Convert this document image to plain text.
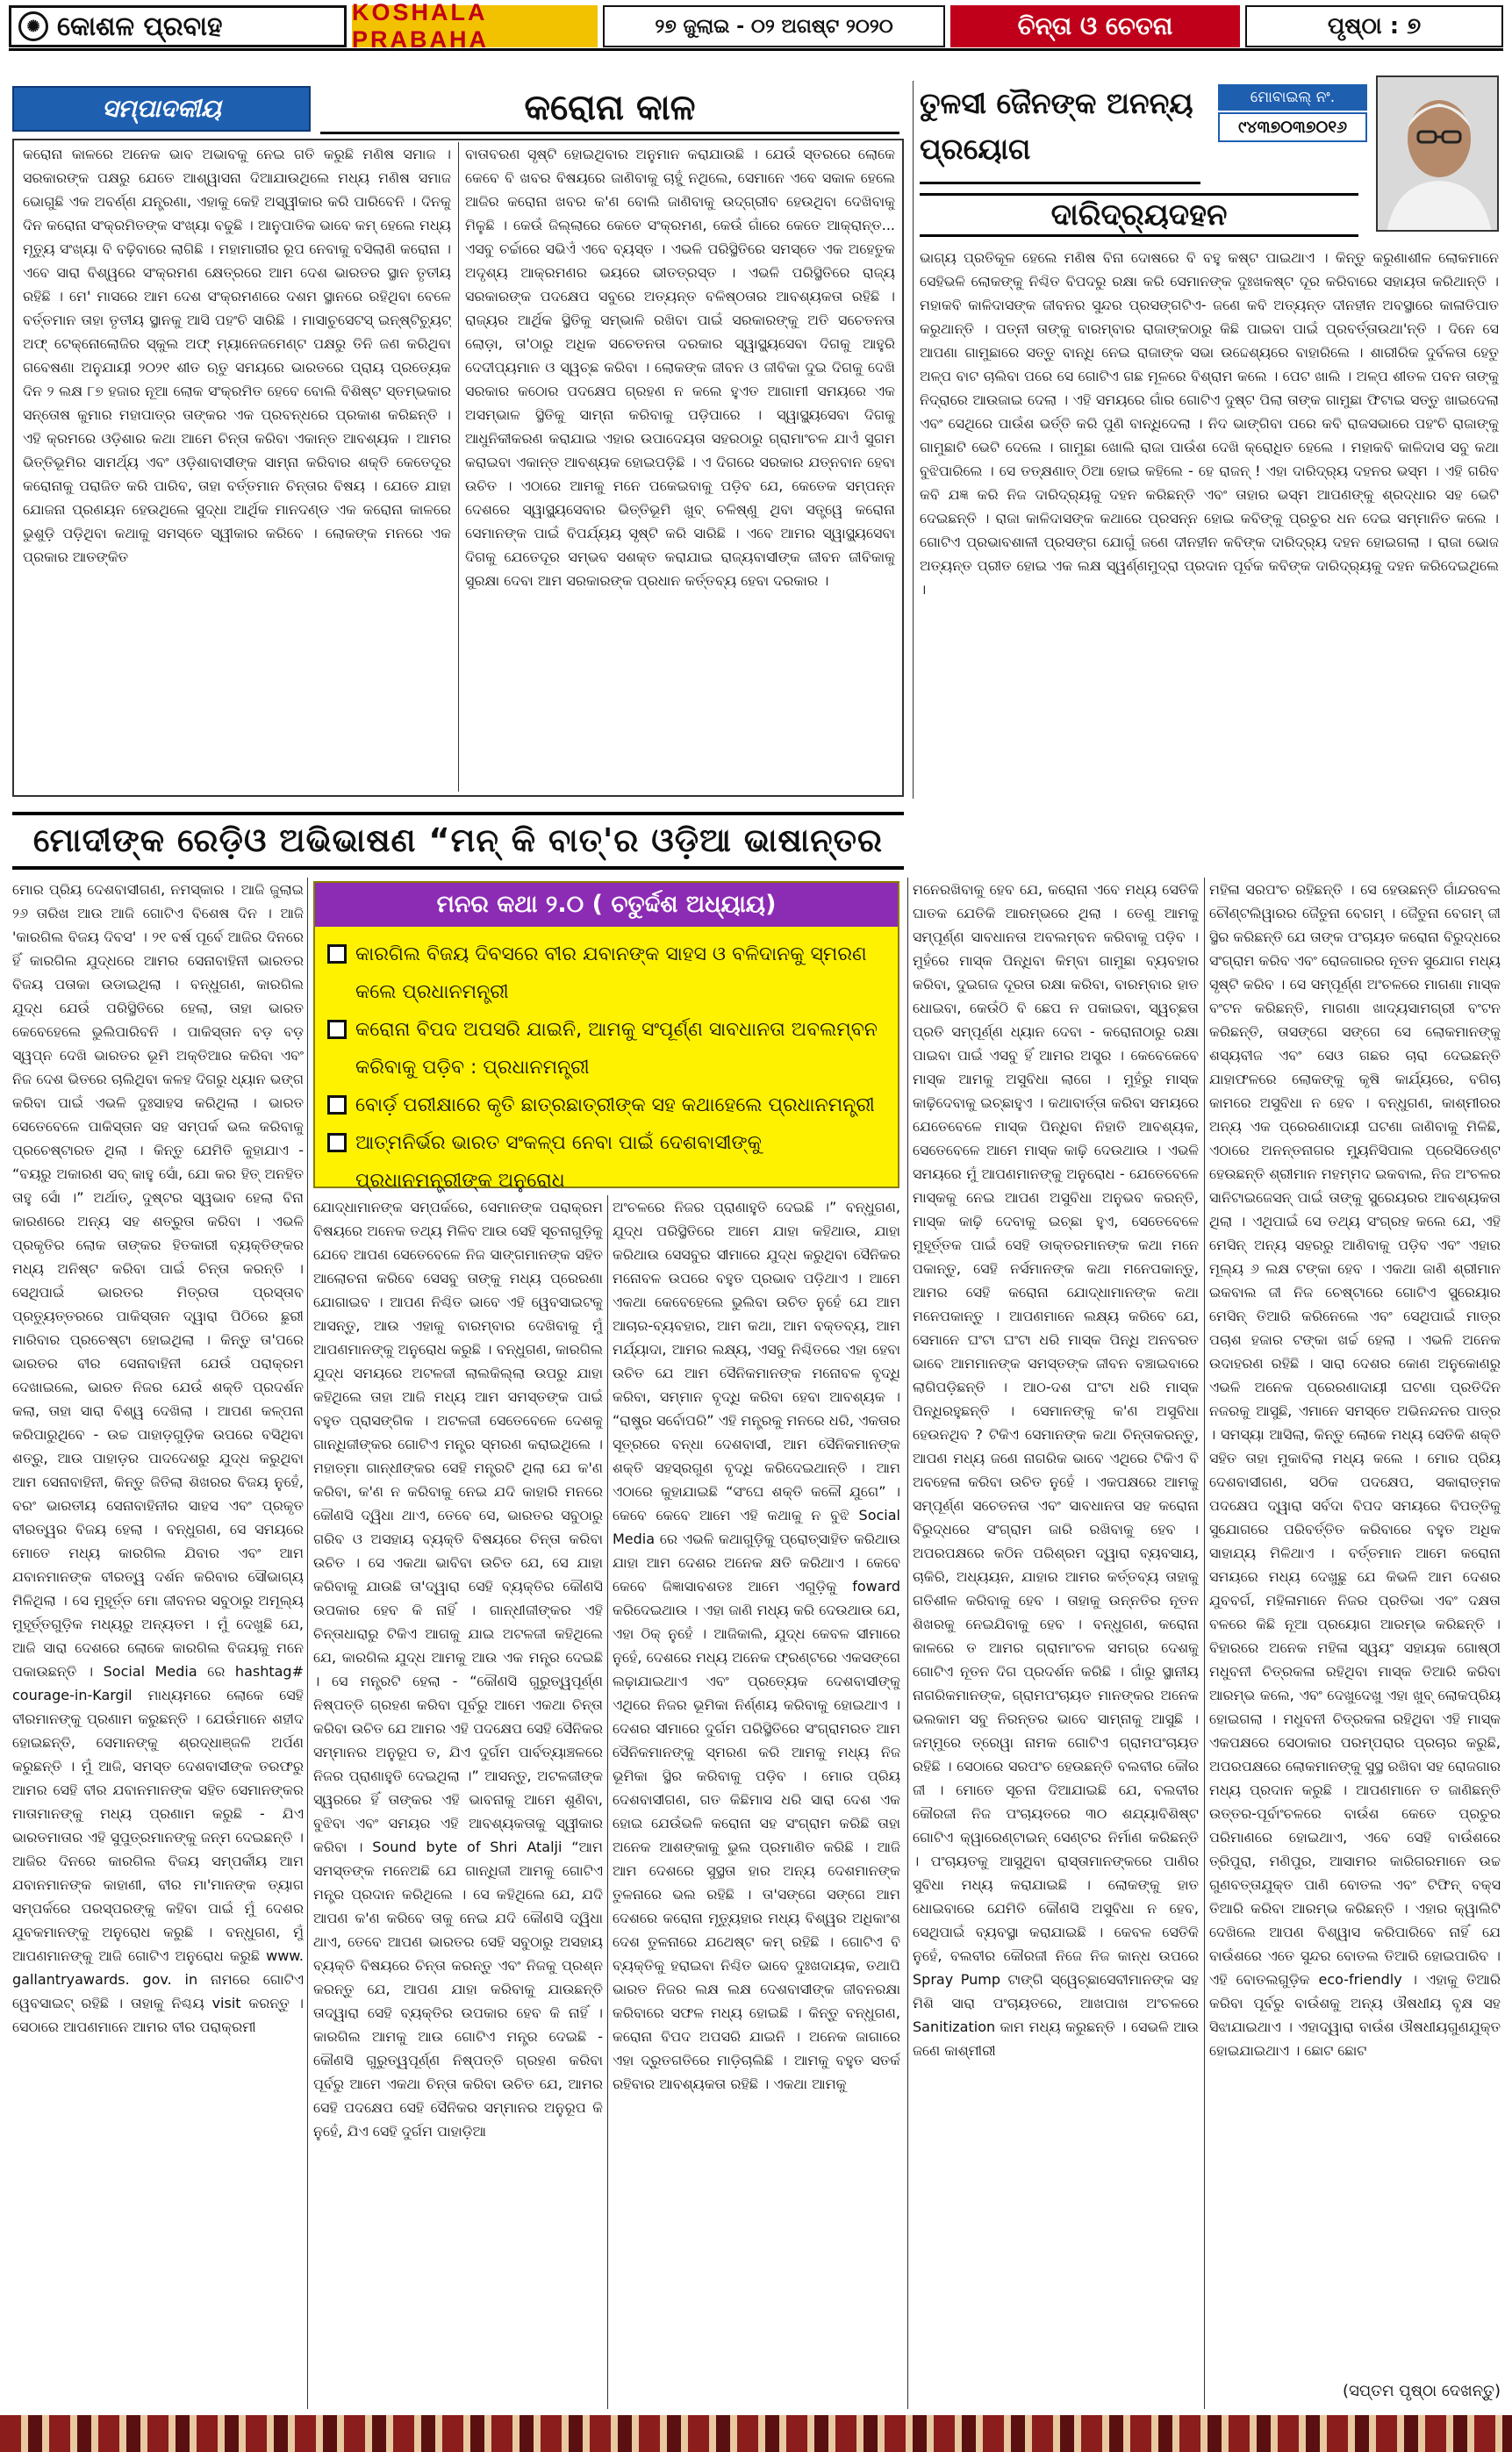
✺ କୋଶଳ ପ୍ରବାହ	KOSHALA PRABAHA	୨୭ ଜୁଲାଇ - ୦୨ ଅଗଷ୍ଟ ୨୦୨୦	ଚିନ୍ତା ଓ ଚେତନା	ପୃଷ୍ଠା : ୭
ସମ୍ପାଦକୀୟ	କରୋନା କାଳ
କରୋନା କାଳରେ ଅନେକ ଭାବ ଅଭାବକୁ ନେଇ ଗତି କରୁଛି ମଣିଷ ସମାଜ । ସରକାରଙ୍କ ପକ୍ଷରୁ ଯେତେ ଆଶ୍ୱାସନା ଦିଆଯାଉଥିଲେ ମଧ୍ୟ ମଣିଷ ସମାଜ ଭୋଗୁଛି ଏକ ଅବର୍ଣ୍ଣ ଯନ୍ତ୍ରଣା, ଏହାକୁ କେହି ଅସ୍ୱୀକାର କରି ପାରିବେନି । ଦିନକୁ ଦିନ କରୋନା ସଂକ୍ରମିତଙ୍କ ସଂଖ୍ୟା ବଢୁଛି । ଆନୁପାତିକ ଭାବେ କମ୍ ହେଲେ ମଧ୍ୟ ମୃତ୍ୟୁ ସଂଖ୍ୟା ବି ବଢ଼ିବାରେ ଲାଗିଛି । ମହାମାରୀର ରୂପ ନେବାକୁ ବସିଲାଣି କରୋନା । ଏବେ ସାରା ବିଶ୍ୱରେ ସଂକ୍ରମଣ କ୍ଷେତ୍ରରେ ଆମ ଦେଶ ଭାରତର ସ୍ଥାନ ତୃତୀୟ ରହିଛି । ମେ' ମାସରେ ଆମ ଦେଶ ସଂକ୍ରମଣରେ ଦଶମ ସ୍ଥାନରେ ରହିଥିବା ବେଳେ ବର୍ତ୍ତମାନ ତାହା ତୃତୀୟ ସ୍ଥାନକୁ ଆସି ପହଂଚି ସାରିଛି । ମାସାଚୁସେଟସ୍ ଇନ୍‌ଷ୍ଟିଚ୍ୟୁଟ୍ ଅଫ୍ ଟେକ୍ନୋଲୋଜିର ସ୍କୁଲ ଅଫ୍ ମ୍ୟାନେଜମେଣ୍ଟ ପକ୍ଷରୁ ତିନି ଜଣ କରିଥିବା ଗବେଷଣା ଅନୁଯାୟୀ ୨୦୨୧ ଶୀତ ଋତୁ ସମୟରେ ଭାରତରେ ପ୍ରାୟ ପ୍ରତ୍ୟେକ ଦିନ ୨ ଲକ୍ଷ ୮୭ ହଜାର ନୂଆ ଲୋକ ସଂକ୍ରମିତ ହେବେ ବୋଲି ବିଶିଷ୍ଟ ସ୍ତମ୍ଭକାର ସନ୍ତୋଷ କୁମାର ମହାପାତ୍ର ତାଙ୍କର ଏକ ପ୍ରବନ୍ଧରେ ପ୍ରକାଶ କରିଛନ୍ତି । ଏହି କ୍ରମରେ ଓଡ଼ିଶାର କଥା ଆମେ ଚିନ୍ତା କରିବା ଏକାନ୍ତ ଆବଶ୍ୟକ । ଆମର ଭିତ୍ତିଭୂମିର ସାମର୍ଥ୍ୟ ଏବଂ ଓଡ଼ିଶାବାସୀଙ୍କ ସାମ୍ନା କରିବାର ଶକ୍ତି କେତେଦୂର କରୋନାକୁ ପରାଜିତ କରି ପାରିବ, ତାହା ବର୍ତ୍ତମାନ ଚିନ୍ତାର ବିଷୟ । ଯେତେ ଯାହା ଯୋଜନା ପ୍ରଣୟନ ହେଉଥିଲେ ସୁଦ୍ଧା ଆର୍ଥିକ ମାନଦଣ୍ଡ ଏକ କରୋନା କାଳରେ ଭୁଶୁଡ଼ି ପଡ଼ିଥିବା କଥାକୁ ସମସ୍ତେ ସ୍ୱୀକାର କରିବେ । ଲୋକଙ୍କ ମନରେ ଏକ ପ୍ରକାର ଆତଙ୍କିତ
ବାତାବରଣ ସୃଷ୍ଟି ହୋଇଥିବାର ଅନୁମାନ କରାଯାଉଛି । ଯେଉଁ ସ୍ତରରେ ଲୋକେ କେବେ ବି ଖବର ବିଷୟରେ ଜାଣିବାକୁ ଚାହୁଁ ନଥିଲେ, ସେମାନେ ଏବେ ସକାଳ ହେଲେ ଆଜିର କରୋନା ଖବର କ'ଣ ବୋଲି ଜାଣିବାକୁ ଉଦ୍‌ଗ୍ରୀବ ହେଉଥିବା ଦେଖିବାକୁ ମିଳୁଛି । କେଉଁ ଜିଲ୍ଲାରେ କେତେ ସଂକ୍ରମଣ, କେଉଁ ଗାଁରେ କେତେ ଆକ୍ରାନ୍ତ... ଏସବୁ ଚର୍ଚ୍ଚାରେ ସଭିଏଁ ଏବେ ବ୍ୟସ୍ତ । ଏଭଳି ପରିସ୍ଥିତିରେ ସମସ୍ତେ ଏକ ଅହେତୁକ ଅଦୃଶ୍ୟ ଆକ୍ରମଣର ଭୟରେ ଭୀତତ୍ରସ୍ତ । ଏଭଳି ପରିସ୍ଥିତିରେ ରାଜ୍ୟ ସରକାରଙ୍କ ପଦକ୍ଷେପ ସବୁରେ ଅତ୍ୟନ୍ତ ବଳିଷ୍ଠତାର ଆବଶ୍ୟକତା ରହିଛି । ରାଜ୍ୟର ଆର୍ଥିକ ସ୍ଥିତିକୁ ସମ୍ଭାଳି ରଖିବା ପାଇଁ ସରକାରଙ୍କୁ ଅତି ସଚେତନତା ଲୋଡ଼ା, ତା'ଠାରୁ ଅଧିକ ସଚେତନତା ଦରକାର ସ୍ୱାସ୍ଥ୍ୟସେବା ଦିଗକୁ ଆହୁରି ଦେଦୀପ୍ୟମାନ ଓ ସ୍ୱଚ୍ଛ କରିବା । ଲୋକଙ୍କ ଜୀବନ ଓ ଜୀବିକା ଦୁଇ ଦିଗକୁ ଦେଖି ସରକାର କଠୋର ପଦକ୍ଷେପ ଗ୍ରହଣ ନ କଲେ ହୁଏତ ଆଗାମୀ ସମୟରେ ଏକ ଅସମ୍ଭାଳ ସ୍ଥିତିକୁ ସାମ୍ନା କରିବାକୁ ପଡ଼ିପାରେ । ସ୍ୱାସ୍ଥ୍ୟସେବା ଦିଗକୁ ଆଧୁନିକୀକରଣ କରାଯାଇ ଏହାର ଉପାଦେୟତା ସହରଠାରୁ ଗ୍ରାମାଂଚଳ ଯାଏଁ ସୁଗମ କରାଇବା ଏକାନ୍ତ ଆବଶ୍ୟକ ହୋଇପଡ଼ିଛି । ଏ ଦିଗରେ ସରକାର ଯତ୍ନବାନ ହେବା ଉଚିତ । ଏଠାରେ ଆମକୁ ମନେ ପକେଇବାକୁ ପଡ଼ିବ ଯେ, କେତେକ ସମ୍ପନ୍ନ ଦେଶରେ ସ୍ୱାସ୍ଥ୍ୟସେବାର ଭିତ୍ତିଭୂମି ଖୁବ୍ ଚଳିଷ୍ଣୁ ଥିବା ସତ୍ତ୍ୱେ କରୋନା ସେମାନଙ୍କ ପାଇଁ ବିପର୍ଯ୍ୟୟ ସୃଷ୍ଟି କରି ସାରିଛି । ଏବେ ଆମର ସ୍ୱାସ୍ଥ୍ୟସେବା ଦିଗକୁ ଯେତେଦୂର ସମ୍ଭବ ସଶକ୍ତ କରାଯାଇ ରାଜ୍ୟବାସୀଙ୍କ ଜୀବନ ଜୀବିକାକୁ ସୁରକ୍ଷା ଦେବା ଆମ ସରକାରଙ୍କ ପ୍ରଧାନ କର୍ତ୍ତବ୍ୟ ହେବା ଦରକାର ।
ତୁଳସୀ ଜୈନଙ୍କ ଅନନ୍ୟ ପ୍ରୟୋଗ
ମୋବାଇଲ୍ ନଂ.
୯୪୩୭୦୩୭୦୧୬
ଦାରିଦ୍ର୍ୟଦହନ
ଭାଗ୍ୟ ପ୍ରତିକୂଳ ହେଲେ ମଣିଷ ବିନା ଦୋଷରେ ବି ବହୁ କଷ୍ଟ ପାଇଥାଏ । କିନ୍ତୁ କରୁଣାଶୀଳ ଲୋକମାନେ ସେହିଭଳି ଲୋକଙ୍କୁ ନିଶ୍ଚିତ ବିପଦରୁ ରକ୍ଷା କରି ସେମାନଙ୍କ ଦୁଃଖକଷ୍ଟ ଦୂର କରିବାରେ ସହାୟତା କରିଥାନ୍ତି । ମହାକବି କାଳିଦାସଙ୍କ ଜୀବନର ସୁନ୍ଦର ପ୍ରସଙ୍ଗଟିଏ- ଜଣେ କବି ଅତ୍ୟନ୍ତ ଦୀନହୀନ ଅବସ୍ଥାରେ କାଳାତିପାତ କରୁଥାନ୍ତି । ପତ୍ନୀ ତାଙ୍କୁ ବାରମ୍ବାର ରାଜାଙ୍କଠାରୁ କିଛି ପାଇବା ପାଇଁ ପ୍ରବର୍ତ୍ତାଉଥା'ନ୍ତି । ଦିନେ ସେ ଆପଣା ଗାମୁଛାରେ ସତ୍ତୁ ବାନ୍ଧି ନେଇ ରାଜାଙ୍କ ସଭା ଉଦ୍ଦେଶ୍ୟରେ ବାହାରିଲେ । ଶାରୀରିକ ଦୁର୍ବଳତା ହେତୁ ଅଳ୍ପ ବାଟ ଚାଲିବା ପରେ ସେ ଗୋଟିଏ ଗଛ ମୂଳରେ ବିଶ୍ରାମ କଲେ । ପେଟ ଖାଲି । ଅଳ୍ପ ଶୀତଳ ପବନ ତାଙ୍କୁ ନିଦ୍ରାରେ ଆଉଜାଇ ଦେଲା । ଏହି ସମୟରେ ଗାଁର ଗୋଟିଏ ଦୁଷ୍ଟ ପିଲା ତାଙ୍କ ଗାମୁଛା ଫିଟାଇ ସତ୍ତୁ ଖାଇଦେଲା ଏବଂ ସେଥିରେ ପାଉଁଶ ଭର୍ତ୍ତି କରି ପୁଣି ବାନ୍ଧିଦେଲା । ନିଦ ଭାଙ୍ଗିବା ପରେ କବି ରାଜସଭାରେ ପହଂଚି ରାଜାଙ୍କୁ ଗାମୁଛାଟି ଭେଟି ଦେଲେ । ଗାମୁଛା ଖୋଲି ରାଜା ପାଉଁଶ ଦେଖି କ୍ରୋଧିତ ହେଲେ । ମହାକବି କାଳିଦାସ ସବୁ କଥା ବୁଝିପାରିଲେ । ସେ ତତ୍‌କ୍ଷଣାତ୍ ଠିଆ ହୋଇ କହିଲେ - ହେ ରାଜନ୍ ! ଏହା ଦାରିଦ୍ର୍ୟ ଦହନର ଭସ୍ମ । ଏହି ଗରିବ କବି ଯଜ୍ଞ କରି ନିଜ ଦାରିଦ୍ର୍ୟକୁ ଦହନ କରିଛନ୍ତି ଏବଂ ତାହାର ଭସ୍ମ ଆପଣଙ୍କୁ ଶ୍ରଦ୍ଧାର ସହ ଭେଟି ଦେଇଛନ୍ତି । ରାଜା କାଳିଦାସଙ୍କ କଥାରେ ପ୍ରସନ୍ନ ହୋଇ କବିଙ୍କୁ ପ୍ରଚୁର ଧନ ଦେଇ ସମ୍ମାନିତ କଲେ । ଗୋଟିଏ ପ୍ରଭାବଶାଳୀ ପ୍ରସଙ୍ଗ ଯୋଗୁଁ ଜଣେ ଦୀନହୀନ କବିଙ୍କ ଦାରିଦ୍ର୍ୟ ଦହନ ହୋଇଗଲା । ରାଜା ଭୋଜ ଅତ୍ୟନ୍ତ ପ୍ରୀତ ହୋଇ ଏକ ଲକ୍ଷ ସ୍ୱର୍ଣ୍ଣମୁଦ୍ରା ପ୍ରଦାନ ପୂର୍ବକ କବିଙ୍କ ଦାରିଦ୍ର୍ୟକୁ ଦହନ କରିଦେଇଥିଲେ ।
ମୋଦୀଙ୍କ ରେଡ଼ିଓ ଅଭିଭାଷଣ “ମନ୍ କି ବାତ୍'ର ଓଡ଼ିଆ ଭାଷାନ୍ତର
ମନର କଥା ୨.୦ ( ଚତୁର୍ଦ୍ଦଶ ଅଧ୍ୟାୟ)
କାରଗିଲ ବିଜୟ ଦିବସରେ ବୀର ଯବାନଙ୍କ ସାହସ ଓ ବଳିଦାନକୁ ସ୍ମରଣ କଲେ ପ୍ରଧାନମନ୍ତ୍ରୀ
କରୋନା ବିପଦ ଅପସରି ଯାଇନି, ଆମକୁ ସଂପୂର୍ଣ୍ଣ ସାବଧାନତା ଅବଲମ୍ବନ କରିବାକୁ ପଡ଼ିବ : ପ୍ରଧାନମନ୍ତ୍ରୀ
ବୋର୍ଡ଼ ପରୀକ୍ଷାରେ କୃତି ଛାତ୍ରଛାତ୍ରୀଙ୍କ ସହ କଥାହେଲେ ପ୍ରଧାନମନ୍ତ୍ରୀ
ଆତ୍ମନିର୍ଭର ଭାରତ ସଂକଳ୍ପ ନେବା ପାଇଁ ଦେଶବାସୀଙ୍କୁ ପ୍ରଧାନମନ୍ତ୍ରୀଙ୍କ ଅନୁରୋଧ
ମୋର ପ୍ରିୟ ଦେଶବାସୀଗଣ, ନମସ୍କାର । ଆଜି ଜୁଲାଇ ୨୬ ତାରିଖ ଆଉ ଆଜି ଗୋଟିଏ ବିଶେଷ ଦିନ । ଆଜି 'କାରଗିଲ ବିଜୟ ଦିବସ' । ୨୧ ବର୍ଷ ପୂର୍ବେ ଆଜିର ଦିନରେ ହିଁ କାରଗିଲ ଯୁଦ୍ଧରେ ଆମର ସେନାବାହିନୀ ଭାରତର ବିଜୟ ପତାକା ଉଡାଇଥିଲା । ବନ୍ଧୁଗଣ, କାରଗିଲ ଯୁଦ୍ଧ ଯେଉଁ ପରିସ୍ଥିତିରେ ହେଲା, ତାହା ଭାରତ କେବେହେଲେ ଭୁଲିପାରିବନି । ପାକିସ୍ତାନ ବଡ଼ ବଡ଼ ସ୍ୱପ୍ନ ଦେଖି ଭାରତର ଭୂମି ଅକ୍ତିଆର କରିବା ଏବଂ ନିଜ ଦେଶ ଭିତରେ ଚାଲିଥିବା କଳହ ଦିଗରୁ ଧ୍ୟାନ ଭଙ୍ଗ କରିବା ପାଇଁ ଏଭଳି ଦୁଃସାହସ କରିଥିଲା । ଭାରତ ସେତେବେଳେ ପାକିସ୍ତାନ ସହ ସମ୍ପର୍କ ଭଲ କରିବାକୁ ପ୍ରଚେଷ୍ଟାରତ ଥିଲା । କିନ୍ତୁ ଯେମିତି କୁହାଯାଏ - “ବୟରୁ ଅକାରଣ ସବ୍ କାହୁ ସୋଁ, ଯୋ କର ହିତ୍ ଅନହିତ ତାହୁ ସୋଁ ।” ଅର୍ଥାତ୍, ଦୁଷ୍ଟର ସ୍ୱଭାବ ହେଲା ବିନା କାରଣରେ ଅନ୍ୟ ସହ ଶତ୍ରୁତା କରିବା । ଏଭଳି ପ୍ରକୃତିର ଲୋକ ତାଙ୍କର ହିତକାରୀ ବ୍ୟକ୍ତିଙ୍କର ମଧ୍ୟ ଅନିଷ୍ଟ କରିବା ପାଇଁ ଚିନ୍ତା କରନ୍ତି । ସେଥିପାଇଁ ଭାରତର ମିତ୍ରତା ପ୍ରସ୍ତାବ ପ୍ରତ୍ୟୁତ୍ତରରେ ପାକିସ୍ତାନ ଦ୍ୱାରା ପିଠିରେ ଛୁରୀ ମାରିବାର ପ୍ରଚେଷ୍ଟା ହୋଇଥିଲା । କିନ୍ତୁ ତା'ପରେ ଭାରତର ବୀର ସେନାବାହିନୀ ଯେଉଁ ପରାକ୍ରମ ଦେଖାଇଲେ, ଭାରତ ନିଜର ଯେଉଁ ଶକ୍ତି ପ୍ରଦର୍ଶନ କଲା, ତାହା ସାରା ବିଶ୍ୱ ଦେଖିଲା । ଆପଣ କଳ୍ପନା କରିପାରୁଥିବେ - ଉଚ୍ଚ ପାହାଡ଼ଗୁଡ଼ିକ ଉପରେ ବସିଥିବା ଶତ୍ରୁ, ଆଉ ପାହାଡ଼ର ପାଦଦେଶରୁ ଯୁଦ୍ଧ କରୁଥିବା ଆମ ସେନାବାହିନୀ, କିନ୍ତୁ ଜିତିଲା ଶିଖରର ବିଜୟ ନୁହେଁ, ବରଂ ଭାରତୀୟ ସେନାବାହିନୀର ସାହସ ଏବଂ ପ୍ରକୃତ ବୀରତ୍ୱର ବିଜୟ ହେଲା । ବନ୍ଧୁଗଣ, ସେ ସମୟରେ ମୋତେ ମଧ୍ୟ କାରଗିଲ ଯିବାର ଏବଂ ଆମ ଯବାନମାନଙ୍କ ବୀରତ୍ୱ ଦର୍ଶନ କରିବାର ସୌଭାଗ୍ୟ ମିଳିଥିଲା । ସେ ମୁହୂର୍ତ୍ତ ମୋ ଜୀବନର ସବୁଠାରୁ ଅମୂଲ୍ୟ ମୁହୂର୍ତ୍ତଗୁଡ଼ିକ ମଧ୍ୟରୁ ଅନ୍ୟତମ । ମୁଁ ଦେଖୁଛି ଯେ, ଆଜି ସାରା ଦେଶରେ ଲୋକେ କାରଗିଲ ବିଜୟକୁ ମନେ ପକାଉଛନ୍ତି । Social Media ରେ hashtag# courage-in-Kargil ମାଧ୍ୟମରେ ଲୋକେ ସେହି ବୀରମାନଙ୍କୁ ପ୍ରଣାମ କରୁଛନ୍ତି । ଯେଉଁମାନେ ଶହୀଦ ହୋଇଛନ୍ତି, ସେମାନଙ୍କୁ ଶ୍ରଦ୍ଧାଞ୍ଜଳି ଅର୍ପଣ କରୁଛନ୍ତି । ମୁଁ ଆଜି, ସମସ୍ତ ଦେଶବାସୀଙ୍କ ତରଫରୁ ଆମର ସେହି ବୀର ଯବାନମାନଙ୍କ ସହିତ ସେମାନଙ୍କର ମାତାମାନଙ୍କୁ ମଧ୍ୟ ପ୍ରଣାମ କରୁଛି - ଯିଏ ଭାରତମାତାର ଏହି ସୁପୁତ୍ରମାନଙ୍କୁ ଜନ୍ମ ଦେଇଛନ୍ତି । ଆଜିର ଦିନରେ କାରଗିଲ ବିଜୟ ସମ୍ପର୍କୀୟ ଆମ ଯବାନମାନଙ୍କ କାହାଣୀ, ବୀର ମା'ମାନଙ୍କ ତ୍ୟାଗ ସମ୍ପର୍କରେ ପରସ୍ପରଙ୍କୁ କହିବା ପାଇଁ ମୁଁ ଦେଶର ଯୁବକମାନଙ୍କୁ ଅନୁରୋଧ କରୁଛି । ବନ୍ଧୁଗଣ, ମୁଁ ଆପଣମାନଙ୍କୁ ଆଜି ଗୋଟିଏ ଅନୁରୋଧ କରୁଛି www. gallantryawards. gov. in ନାମରେ ଗୋଟିଏ ୱେବସାଇଟ୍ ରହିଛି । ତାହାକୁ ନିଶ୍ଚୟ visit କରନ୍ତୁ । ସେଠାରେ ଆପଣମାନେ ଆମର ବୀର ପରାକ୍ରମୀ
ଯୋଦ୍ଧାମାନଙ୍କ ସମ୍ପର୍କରେ, ସେମାନଙ୍କ ପରାକ୍ରମ ବିଷୟରେ ଅନେକ ତଥ୍ୟ ମିଳିବ ଆଉ ସେହି ସୂଚନାଗୁଡ଼ିକୁ ଯେବେ ଆପଣ ସେତେବେଳେ ନିଜ ସାଙ୍ଗମାନଙ୍କ ସହିତ ଆଲୋଚନା କରିବେ ସେସବୁ ତାଙ୍କୁ ମଧ୍ୟ ପ୍ରେରଣା ଯୋଗାଇବ । ଆପଣ ନିଶ୍ଚିତ ଭାବେ ଏହି ୱେବସାଇଟକୁ ଆସନ୍ତୁ, ଆଉ ଏହାକୁ ବାରମ୍ବାର ଦେଖିବାକୁ ମୁଁ ଆପଣମାନଙ୍କୁ ଅନୁରୋଧ କରୁଛି । ବନ୍ଧୁଗଣ, କାରଗିଲ ଯୁଦ୍ଧ ସମୟରେ ଅଟଳଜୀ ଲାଲକିଲ୍ଲା ଉପରୁ ଯାହା କହିଥିଲେ ତାହା ଆଜି ମଧ୍ୟ ଆମ ସମସ୍ତଙ୍କ ପାଇଁ ବହୁତ ପ୍ରାସଙ୍ଗିକ । ଅଟଳଜୀ ସେତେବେଳେ ଦେଶକୁ ଗାନ୍ଧିଜୀଙ୍କର ଗୋଟିଏ ମନ୍ତ୍ର ସ୍ମରଣ କରାଇଥିଲେ । ମହାତ୍ମା ଗାନ୍ଧୀଙ୍କର ସେହି ମନ୍ତ୍ରଟି ଥିଲା ଯେ କ'ଣ କରିବା, କ'ଣ ନ କରିବାକୁ ନେଇ ଯଦି କାହାରି ମନରେ କୌଣସି ଦ୍ୱିଧା ଥାଏ, ତେବେ ସେ, ଭାରତର ସବୁଠାରୁ ଗରିବ ଓ ଅସହାୟ ବ୍ୟକ୍ତି ବିଷୟରେ ଚିନ୍ତା କରିବା ଉଚିତ । ସେ ଏକଥା ଭାବିବା ଉଚିତ ଯେ, ସେ ଯାହା କରିବାକୁ ଯାଉଛି ତା'ଦ୍ୱାରା ସେହି ବ୍ୟକ୍ତିର କୌଣସି ଉପକାର ହେବ କି ନାହିଁ । ଗାନ୍ଧୀଜୀଙ୍କର ଏହି ଚିନ୍ତାଧାରାରୁ ଟିକିଏ ଆଗକୁ ଯାଇ ଅଟଳଜୀ କହିଥିଲେ ଯେ, କାରଗିଲ ଯୁଦ୍ଧ ଆମକୁ ଆଉ ଏକ ମନ୍ତ୍ର ଦେଇଛି । ସେ ମନ୍ତ୍ରଟି ହେଲା - “କୌଣସି ଗୁରୁତ୍ୱପୂର୍ଣ୍ଣ ନିଷ୍ପତ୍ତି ଗ୍ରହଣ କରିବା ପୂର୍ବରୁ ଆମେ ଏକଥା ଚିନ୍ତା କରିବା ଉଚିତ ଯେ ଆମର ଏହି ପଦକ୍ଷେପ ସେହି ସୈନିକର ସମ୍ମାନର ଅନୁରୂପ ତ, ଯିଏ ଦୁର୍ଗମ ପାର୍ବତ୍ୟାଞ୍ଚଳରେ ନିଜର ପ୍ରାଣାହୁତି ଦେଇଥିଲା ।” ଆସନ୍ତୁ, ଅଟଳଜୀଙ୍କ ସ୍ୱରରେ ହିଁ ତାଙ୍କର ଏହି ଭାବନାକୁ ଆମେ ଶୁଣିବା, ବୁଝିବା ଏବଂ ସମୟର ଏହି ଆବଶ୍ୟକତାକୁ ସ୍ୱୀକାର କରିବା । Sound byte of Shri Atalji “ଆମ ସମସ୍ତଙ୍କ ମନେଅଛି ଯେ ଗାନ୍ଧିଜୀ ଆମକୁ ଗୋଟିଏ ମନ୍ତ୍ର ପ୍ରଦାନ କରିଥିଲେ । ସେ କହିଥିଲେ ଯେ, ଯଦି ଆପଣ କ'ଣ କରିବେ ତାକୁ ନେଇ ଯଦି କୌଣସି ଦ୍ୱିଧା ଥାଏ, ତେବେ ଆପଣ ଭାରତର ସେହି ସବୁଠାରୁ ଅସହାୟ ବ୍ୟକ୍ତି ବିଷୟରେ ଚିନ୍ତା କରନ୍ତୁ ଏବଂ ନିଜକୁ ପ୍ରଶ୍ନ କରନ୍ତୁ ଯେ, ଆପଣ ଯାହା କରିବାକୁ ଯାଉଛନ୍ତି ତାଦ୍ୱାରା ସେହି ବ୍ୟକ୍ତିର ଉପକାର ହେବ କି ନାହିଁ । କାରଗିଲ ଆମକୁ ଆଉ ଗୋଟିଏ ମନ୍ତ୍ର ଦେଇଛି - କୌଣସି ଗୁରୁତ୍ୱପୂର୍ଣ୍ଣ ନିଷ୍ପତ୍ତି ଗ୍ରହଣ କରିବା ପୂର୍ବରୁ ଆମେ ଏକଥା ଚିନ୍ତା କରିବା ଉଚିତ ଯେ, ଆମର ସେହି ପଦକ୍ଷେପ ସେହି ସୈନିକର ସମ୍ମାନର ଅନୁରୂପ କି ନୁହେଁ, ଯିଏ ସେହି ଦୁର୍ଗମ ପାହାଡ଼ିଆ
ଅଂଚଳରେ ନିଜର ପ୍ରାଣାହୁତି ଦେଇଛି ।” ବନ୍ଧୁଗଣ, ଯୁଦ୍ଧ ପରିସ୍ଥିତିରେ ଆମେ ଯାହା କହିଥାଉ, ଯାହା କରିଥାଉ ସେସବୁର ସୀମାରେ ଯୁଦ୍ଧ କରୁଥିବା ସୈନିକର ମନୋବଳ ଉପରେ ବହୁତ ପ୍ରଭାବ ପଡ଼ିଥାଏ । ଆମେ ଏକଥା କେବେହେଲେ ଭୁଲିବା ଉଚିତ ନୁହେଁ ଯେ ଆମ ଆଚାର-ବ୍ୟବହାର, ଆମ କଥା, ଆମ ବକ୍ତବ୍ୟ, ଆମ ମର୍ଯ୍ୟାଦା, ଆମର ଲକ୍ଷ୍ୟ, ଏସବୁ ନିଶ୍ଚିତରେ ଏହା ହେବା ଉଚିତ ଯେ ଆମ ସୈନିକମାନଙ୍କ ମନୋବଳ ବୃଦ୍ଧି କରିବା, ସମ୍ମାନ ବୃଦ୍ଧି କରିବା ହେବା ଆବଶ୍ୟକ । “ରାଷ୍ଟ୍ର ସର୍ବୋପରି” ଏହି ମନ୍ତ୍ରକୁ ମନରେ ଧରି, ଏକତାର ସୂତ୍ରରେ ବନ୍ଧା ଦେଶବାସୀ, ଆମ ସୈନିକମାନଙ୍କ ଶକ୍ତି ସହସ୍ରଗୁଣ ବୃଦ୍ଧି କରିଦେଇଥାନ୍ତି । ଆମ ଏଠାରେ କୁହାଯାଇଛି “ସଂଘେ ଶକ୍ତି କଳୌ ଯୁଗେ” । କେବେ କେବେ ଆମେ ଏହି କଥାକୁ ନ ବୁଝି Social Media ରେ ଏଭଳି କଥାଗୁଡ଼ିକୁ ପ୍ରୋତ୍ସାହିତ କରିଥାଉ ଯାହା ଆମ ଦେଶର ଅନେକ କ୍ଷତି କରିଥାଏ । କେବେ କେବେ ଜିଜ୍ଞାସାବଶତଃ ଆମେ ଏଗୁଡ଼ିକୁ foward କରିଦେଇଥାଉ । ଏହା ଜାଣି ମଧ୍ୟ କରି ଦେଉଥାଉ ଯେ, ଏହା ଠିକ୍ ନୁହେଁ । ଆଜିକାଲି, ଯୁଦ୍ଧ କେବଳ ସୀମାରେ ନୁହେଁ, ଦେଶରେ ମଧ୍ୟ ଅନେକ ଫ୍ରଣ୍ଟରେ ଏକସଙ୍ଗେ ଲଢ଼ାଯାଇଥାଏ ଏବଂ ପ୍ରତ୍ୟେକ ଦେଶବାସୀଙ୍କୁ ଏଥିରେ ନିଜର ଭୂମିକା ନିର୍ଣ୍ଣୟ କରିବାକୁ ହୋଇଥାଏ । ଦେଶର ସୀମାରେ ଦୁର୍ଗମ ପରିସ୍ଥିତିରେ ସଂଗ୍ରାମରତ ଆମ ସୈନିକମାନଙ୍କୁ ସ୍ମରଣ କରି ଆମକୁ ମଧ୍ୟ ନିଜ ଭୂମିକା ସ୍ଥିର କରିବାକୁ ପଡ଼ିବ । ମୋର ପ୍ରିୟ ଦେଶବାସୀଗଣ, ଗତ କିଛିମାସ ଧରି ସାରା ଦେଶ ଏକ ହୋଇ ଯେଉଁଭଳି କରୋନା ସହ ସଂଗ୍ରାମ କରିଛି ତାହା ଅନେକ ଆଶଙ୍କାକୁ ଭୁଲ ପ୍ରମାଣିତ କରିଛି । ଆଜି ଆମ ଦେଶରେ ସୁସ୍ଥତା ହାର ଅନ୍ୟ ଦେଶମାନଙ୍କ ତୁଳନାରେ ଭଲ ରହିଛି । ତା'ସଙ୍ଗେ ସଙ୍ଗେ ଆମ ଦେଶରେ କରୋନା ମୃତ୍ୟୁହାର ମଧ୍ୟ ବିଶ୍ୱର ଅଧିକାଂଶ ଦେଶ ତୁଳନାରେ ଯଥେଷ୍ଟ କମ୍ ରହିଛି । ଗୋଟିଏ ବି ବ୍ୟକ୍ତିକୁ ହରାଇବା ନିଶ୍ଚିତ ଭାବେ ଦୁଃଖଦାୟକ, ତଥାପି ଭାରତ ନିଜର ଲକ୍ଷ ଲକ୍ଷ ଦେଶବାସୀଙ୍କ ଜୀବନରକ୍ଷା କରିବାରେ ସଫଳ ମଧ୍ୟ ହୋଇଛି । କିନ୍ତୁ ବନ୍ଧୁଗଣ, କରୋନା ବିପଦ ଅପସରି ଯାଇନି । ଅନେକ ଜାଗାରେ ଏହା ଦ୍ରୁତଗତିରେ ମାଡ଼ିଚାଲିଛି । ଆମକୁ ବହୁତ ସତର୍କ ରହିବାର ଆବଶ୍ୟକତା ରହିଛି । ଏକଥା ଆମକୁ
ମନେରଖିବାକୁ ହେବ ଯେ, କରୋନା ଏବେ ମଧ୍ୟ ସେତିକି ଘାତକ ଯେତିକି ଆରମ୍ଭରେ ଥିଲା । ତେଣୁ ଆମକୁ ସମ୍ପୂର୍ଣ୍ଣ ସାବଧାନତା ଅବଲମ୍ବନ କରିବାକୁ ପଡ଼ିବ । ମୁହଁରେ ମାସ୍କ ପିନ୍ଧିବା କିମ୍ବା ଗାମୁଛା ବ୍ୟବହାର କରିବା, ଦୁଇଗଜ ଦୂରତା ରକ୍ଷା କରିବା, ବାରମ୍ବାର ହାତ ଧୋଇବା, କେଉଁଠି ବି ଛେପ ନ ପକାଇବା, ସ୍ୱଚ୍ଛତା ପ୍ରତି ସମ୍ପୂର୍ଣ୍ଣ ଧ୍ୟାନ ଦେବା - କରୋନାଠାରୁ ରକ୍ଷା ପାଇବା ପାଇଁ ଏସବୁ ହିଁ ଆମର ଅସ୍ତ୍ର । କେବେକେବେ ମାସ୍କ ଆମକୁ ଅସୁବିଧା ଲାଗେ । ମୁହଁରୁ ମାସ୍କ କାଢ଼ିଦେବାକୁ ଇଚ୍ଛାହୁଏ । କଥାବାର୍ତ୍ତା କରିବା ସମୟରେ ଯେତେବେଳେ ମାସ୍କ ପିନ୍ଧିବା ନିହାତି ଆବଶ୍ୟକ, ସେତେବେଳେ ଆମେ ମାସ୍କ କାଢ଼ି ଦେଉଥାଉ । ଏଭଳି ସମୟରେ ମୁଁ ଆପଣମାନଙ୍କୁ ଅନୁରୋଧ - ଯେତେବେଳେ ମାସ୍କକୁ ନେଇ ଆପଣ ଅସୁବିଧା ଅନୁଭବ କରନ୍ତି, ମାସ୍କ କାଢ଼ି ଦେବାକୁ ଇଚ୍ଛା ହୁଏ, ସେତେବେଳେ ମୁହୂର୍ତ୍ତକ ପାଇଁ ସେହି ଡାକ୍ତରମାନଙ୍କ କଥା ମନେ ପକାନ୍ତୁ, ସେହି ନର୍ସମାନଙ୍କ କଥା ମନେପକାନ୍ତୁ, ଆମର ସେହି କରୋନା ଯୋଦ୍ଧାମାନଙ୍କ କଥା ମନେପକାନ୍ତୁ । ଆପଣମାନେ ଲକ୍ଷ୍ୟ କରିବେ ଯେ, ସେମାନେ ଘଂଟା ଘଂଟା ଧରି ମାସ୍କ ପିନ୍ଧି ଅନବରତ ଭାବେ ଆମମାନଙ୍କ ସମସ୍ତଙ୍କ ଜୀବନ ବଞ୍ଚାଇବାରେ ଲାଗିପଡ଼ିଛନ୍ତି । ଆଠ-ଦଶ ଘଂଟା ଧରି ମାସ୍କ ପିନ୍ଧିରହୁଛନ୍ତି । ସେମାନଙ୍କୁ କ'ଣ ଅସୁବିଧା ହେଉନଥିବ ? ଟିକିଏ ସେମାନଙ୍କ କଥା ଚିନ୍ତାକରନ୍ତୁ, ଆପଣ ମଧ୍ୟ ଜଣେ ନାଗରିକ ଭାବେ ଏଥିରେ ଟିକିଏ ବି ଅବହେଳା କରିବା ଉଚିତ ନୁହେଁ । ଏକପକ୍ଷରେ ଆମକୁ ସମ୍ପୂର୍ଣ୍ଣ ସଚେତନତା ଏବଂ ସାବଧାନତା ସହ କରୋନା ବିରୁଦ୍ଧରେ ସଂଗ୍ରାମ ଜାରି ରଖିବାକୁ ହେବ । ଅପରପକ୍ଷରେ କଠିନ ପରିଶ୍ରମ ଦ୍ୱାରା ବ୍ୟବସାୟ, ଚାକିରି, ଅଧ୍ୟୟନ, ଯାହାର ଆମର କର୍ତ୍ତବ୍ୟ ତାହାକୁ ଗତିଶୀଳ କରିବାକୁ ହେବ । ତାହାକୁ ଉନ୍ନତିର ନୂତନ ଶିଖରକୁ ନେଇଯିବାକୁ ହେବ । ବନ୍ଧୁଗଣ, କରୋନା କାଳରେ ତ ଆମର ଗ୍ରାମାଂଚଳ ସମଗ୍ର ଦେଶକୁ ଗୋଟିଏ ନୂତନ ଦିଗ ପ୍ରଦର୍ଶନ କରିଛି । ଗାଁରୁ ସ୍ଥାନୀୟ ନାଗରିକମାନଙ୍କ, ଗ୍ରାମପଂଚାୟତ ମାନଙ୍କର ଅନେକ ଭଲକାମ ସବୁ ନିରନ୍ତର ଭାବେ ସାମ୍ନାକୁ ଆସୁଛି । ଜମ୍ମୁରେ ତ୍ରେୱା ନାମକ ଗୋଟିଏ ଗ୍ରାମପଂଚାୟତ ରହିଛି । ସେଠାରେ ସରପଂଚ ହେଉଛନ୍ତି ବଲବୀର କୌର ଜୀ । ମୋତେ ସୂଚନା ଦିଆଯାଇଛି ଯେ, ବଲବୀର କୌରଜୀ ନିଜ ପଂଚାୟତରେ ୩୦ ଶଯ୍ୟାବିଶିଷ୍ଟ ଗୋଟିଏ କ୍ୱାରେଣ୍ଟାଇନ୍ ସେଣ୍ଟର ନିର୍ମାଣ କରିଛନ୍ତି । ପଂଚାୟତକୁ ଆସୁଥିବା ରାସ୍ତାମାନଙ୍କରେ ପାଣିର ସୁବିଧା ମଧ୍ୟ କରାଯାଇଛି । ଲୋକଙ୍କୁ ହାତ ଧୋଇବାରେ ଯେମିତି କୌଣସି ଅସୁବିଧା ନ ହେବ, ସେଥିପାଇଁ ବ୍ୟବସ୍ଥା କରାଯାଇଛି । କେବଳ ସେତିକି ନୁହେଁ, ବଲବୀର କୌରଜୀ ନିଜେ ନିଜ କାନ୍ଧ ଉପରେ Spray Pump ଟାଙ୍ଗି ସ୍ୱେଚ୍ଛାସେବୀମାନଙ୍କ ସହ ମିଶି ସାରା ପଂଚାୟତରେ, ଆଖପାଖ ଅଂଚଳରେ Sanitization କାମ ମଧ୍ୟ କରୁଛନ୍ତି । ସେଭଳି ଆଉ ଜଣେ କାଶ୍ମୀରୀ
ମହିଳା ସରପଂଚ ରହିଛନ୍ତି । ସେ ହେଉଛନ୍ତି ଗାଁନ୍ଦରବଲ ଚୌଣ୍ଟଲିୱାରର ଜୈତୁନା ବେଗମ୍ । ଜୈତୁନା ବେଗମ୍ ଜୀ ସ୍ଥିର କରିଛନ୍ତି ଯେ ତାଙ୍କ ପଂଚାୟତ କରୋନା ବିରୁଦ୍ଧରେ ସଂଗ୍ରାମ କରିବ ଏବଂ ରୋଜଗାରର ନୂତନ ସୁଯୋଗ ମଧ୍ୟ ସୃଷ୍ଟି କରିବ । ସେ ସମ୍ପୂର୍ଣ୍ଣ ଅଂଚଳରେ ମାଗଣା ମାସ୍କ ବଂଟନ କରିଛନ୍ତି, ମାଗଣା ଖାଦ୍ୟସାମଗ୍ରୀ ବଂଟନ କରିଛନ୍ତି, ତାସଙ୍ଗେ ସଙ୍ଗେ ସେ ଲୋକମାନଙ୍କୁ ଶସ୍ୟବୀଜ ଏବଂ ସେଓ ଗଛର ଚାରା ଦେଇଛନ୍ତି ଯାହାଫଳରେ ଲୋକଙ୍କୁ କୃଷି କାର୍ଯ୍ୟରେ, ବଗିଚା କାମରେ ଅସୁବିଧା ନ ହେବ । ବନ୍ଧୁଗଣ, କାଶ୍ମୀରର ଅନ୍ୟ ଏକ ପ୍ରେରଣାଦାୟୀ ଘଟଣା ଜାଣିବାକୁ ମିଳିଛି, ଏଠାରେ ଅନନ୍ତନାଗର ମ୍ୟୁନିସିପାଲ ପ୍ରେସିଡେଣ୍ଟ ହେଉଛନ୍ତି ଶ୍ରୀମାନ ମହମ୍ମଦ ଇକବାଲ, ନିଜ ଅଂଚଳର ସାନିଟାଇଜେସନ୍ ପାଇଁ ତାଙ୍କୁ ସ୍ପ୍ରେୟରର ଆବଶ୍ୟକତା ଥିଲା । ଏଥିପାଇଁ ସେ ତଥ୍ୟ ସଂଗ୍ରହ କଲେ ଯେ, ଏହି ମେସିନ୍ ଅନ୍ୟ ସହରରୁ ଆଣିବାକୁ ପଡ଼ିବ ଏବଂ ଏହାର ମୂଲ୍ୟ ୬ ଲକ୍ଷ ଟଙ୍କା ହେବ । ଏକଥା ଜାଣି ଶ୍ରୀମାନ ଇକବାଲ ଜୀ ନିଜ ଚେଷ୍ଟାରେ ଗୋଟିଏ ସ୍ପ୍ରେୟାର ମେସିନ୍ ତିଆରି କରିନେଲେ ଏବଂ ସେଥିପାଇଁ ମାତ୍ର ପଚାଶ ହଜାର ଟଙ୍କା ଖର୍ଚ୍ଚ ହେଲା । ଏଭଳି ଅନେକ ଉଦାହରଣ ରହିଛି । ସାରା ଦେଶର କୋଣ ଅନୁକୋଣରୁ ଏଭଳି ଅନେକ ପ୍ରେରଣାଦାୟୀ ଘଟଣା ପ୍ରତିଦିନ ନଜରକୁ ଆସୁଛି, ଏମାନେ ସମସ୍ତେ ଅଭିନନ୍ଦନର ପାତ୍ର । ସମସ୍ୟା ଆସିଲା, କିନ୍ତୁ ଲୋକେ ମଧ୍ୟ ସେତିକି ଶକ୍ତି ସହିତ ତାହା ମୁକାବିଲା ମଧ୍ୟ କଲେ । ମୋର ପ୍ରିୟ ଦେଶବାସୀଗଣ, ସଠିକ ପଦକ୍ଷେପ, ସକାରାତ୍ମକ ପଦକ୍ଷେପ ଦ୍ୱାରା ସର୍ବଦା ବିପଦ ସମୟରେ ବିପତ୍ତିକୁ ସୁଯୋଗରେ ପରିବର୍ତ୍ତିତ କରିବାରେ ବହୁତ ଅଧିକ ସାହାଯ୍ୟ ମିଳିଥାଏ । ବର୍ତ୍ତମାନ ଆମେ କରୋନା ସମୟରେ ମଧ୍ୟ ଦେଖୁଛୁ ଯେ କିଭଳି ଆମ ଦେଶର ଯୁବବର୍ଗ, ମହିଳାମାନେ ନିଜର ପ୍ରତିଭା ଏବଂ ଦକ୍ଷତା ବଳରେ କିଛି ନୂଆ ପ୍ରୟୋଗ ଆରମ୍ଭ କରିଛନ୍ତି । ବିହାରରେ ଅନେକ ମହିଳା ସ୍ୱୟଂ ସହାୟକ ଗୋଷ୍ଠୀ ମଧୁବନୀ ଚିତ୍ରକଳା ରହିଥିବା ମାସ୍କ ତିଆରି କରିବା ଆରମ୍ଭ କଲେ, ଏବଂ ଦେଖୁଦେଖୁ ଏହା ଖୁବ୍ ଲୋକପ୍ରିୟ ହୋଇଗଲା । ମଧୁବନୀ ଚିତ୍ରକଳା ରହିଥିବା ଏହି ମାସ୍କ ଏକପକ୍ଷରେ ସେଠାକାର ପରମ୍ପରାର ପ୍ରଚାର କରୁଛି, ଅପରପକ୍ଷରେ ଲୋକମାନଙ୍କୁ ସୁସ୍ଥ ରଖିବା ସହ ରୋଜଗାର ମଧ୍ୟ ପ୍ରଦାନ କରୁଛି । ଆପଣମାନେ ତ ଜାଣିଛନ୍ତି ଉତ୍ତର-ପୂର୍ବାଂଚଳରେ ବାଉଁଶ କେତେ ପ୍ରଚୁର ପରିମାଣରେ ହୋଇଥାଏ, ଏବେ ସେହି ବାଉଁଶରେ ତ୍ରିପୁରା, ମଣିପୁର, ଆସାମର କାରିଗରମାନେ ଉଚ୍ଚ ଗୁଣବତ୍ତାଯୁକ୍ତ ପାଣି ବୋତଲ ଏବଂ ଟିଫିନ୍ ବକ୍ସ ତିଆରି କରିବା ଆରମ୍ଭ କରିଛନ୍ତି । ଏହାର କ୍ୱାଲିଟି ଦେଖିଲେ ଆପଣ ବିଶ୍ୱାସ କରିପାରିବେ ନାହିଁ ଯେ ବାଉଁଶରେ ଏତେ ସୁନ୍ଦର ବୋତଲ ତିଆରି ହୋଇପାରିବ । ଏହି ବୋତଲଗୁଡ଼ିକ eco-friendly । ଏହାକୁ ତିଆରି କରିବା ପୂର୍ବରୁ ବାଉଁଶକୁ ଅନ୍ୟ ଔଷଧୀୟ ବୃକ୍ଷ ସହ ସିଝାଯାଇଥାଏ । ଏହାଦ୍ୱାରା ବାଉଁଶ ଔଷଧୀୟଗୁଣଯୁକ୍ତ ହୋଇଯାଇଥାଏ । ଛୋଟ ଛୋଟ
(ସପ୍ତମ ପୃଷ୍ଠା ଦେଖନ୍ତୁ)
